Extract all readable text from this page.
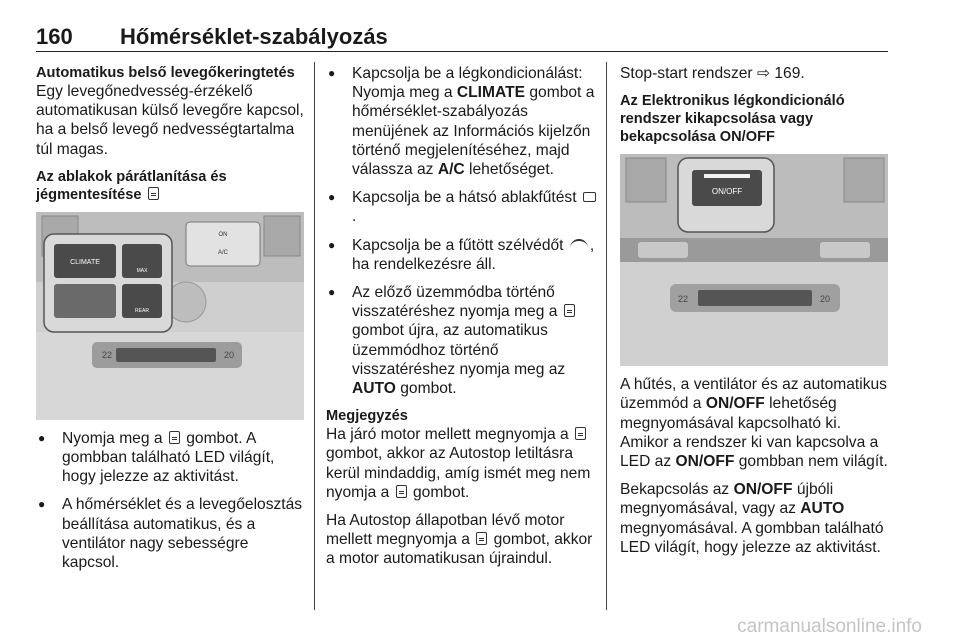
160 Hőmérséklet-szabályozás

Automatikus belső levegőkeringtetés

Egy levegőnedvesség-érzékelő automatikusan külső levegőre kapcsol, ha a belső levegő nedvességtartalma túl magas.

Az ablakok párátlanítása és jégmentesítése

ON
A/C
22	20
CLIMATE
MAX
REAR
● Nyomja meg a gombot. A gombban található LED világít, hogy jelezze az aktivitást.
● A hőmérséklet és a levegőelosztás beállítása automatikus, és a ventilátor nagy sebességre kapcsol.
● Kapcsolja be a légkondicionálást: Nyomja meg a CLIMATE gombot a hőmérséklet-szabályozás menüjének az Információs kijelzőn történő megjelenítéséhez, majd válassza az A/C lehetőséget.
● Kapcsolja be a hátsó ablakfűtést .
● Kapcsolja be a fűtött szélvédőt , ha rendelkezésre áll.
● Az előző üzemmódba történő visszatéréshez nyomja meg a  gombot újra, az automatikus üzemmódhoz történő visszatéréshez nyomja meg az AUTO gombot.

Megjegyzés

Ha járó motor mellett megnyomja a  gombot, akkor az Autostop letiltásra kerül mindaddig, amíg ismét meg nem nyomja a gombot.

Ha Autostop állapotban lévő motor mellett megnyomja a gombot, akkor a motor automatikusan újraindul.

Stop-start rendszer ⇨ 169.

Az Elektronikus légkondicionáló rendszer kikapcsolása vagy bekapcsolása ON/OFF

22	20
ON/OFF

A hűtés, a ventilátor és az automatikus üzemmód a ON/OFF lehetőség megnyomásával kapcsolható ki. Amikor a rendszer ki van kapcsolva a LED az ON/OFF gombban nem világít.

Bekapcsolás az ON/OFF újbóli megnyomásával, vagy az AUTO megnyomásával. A gombban található LED világít, hogy jelezze az aktivitást.

carmanualsonline.info
